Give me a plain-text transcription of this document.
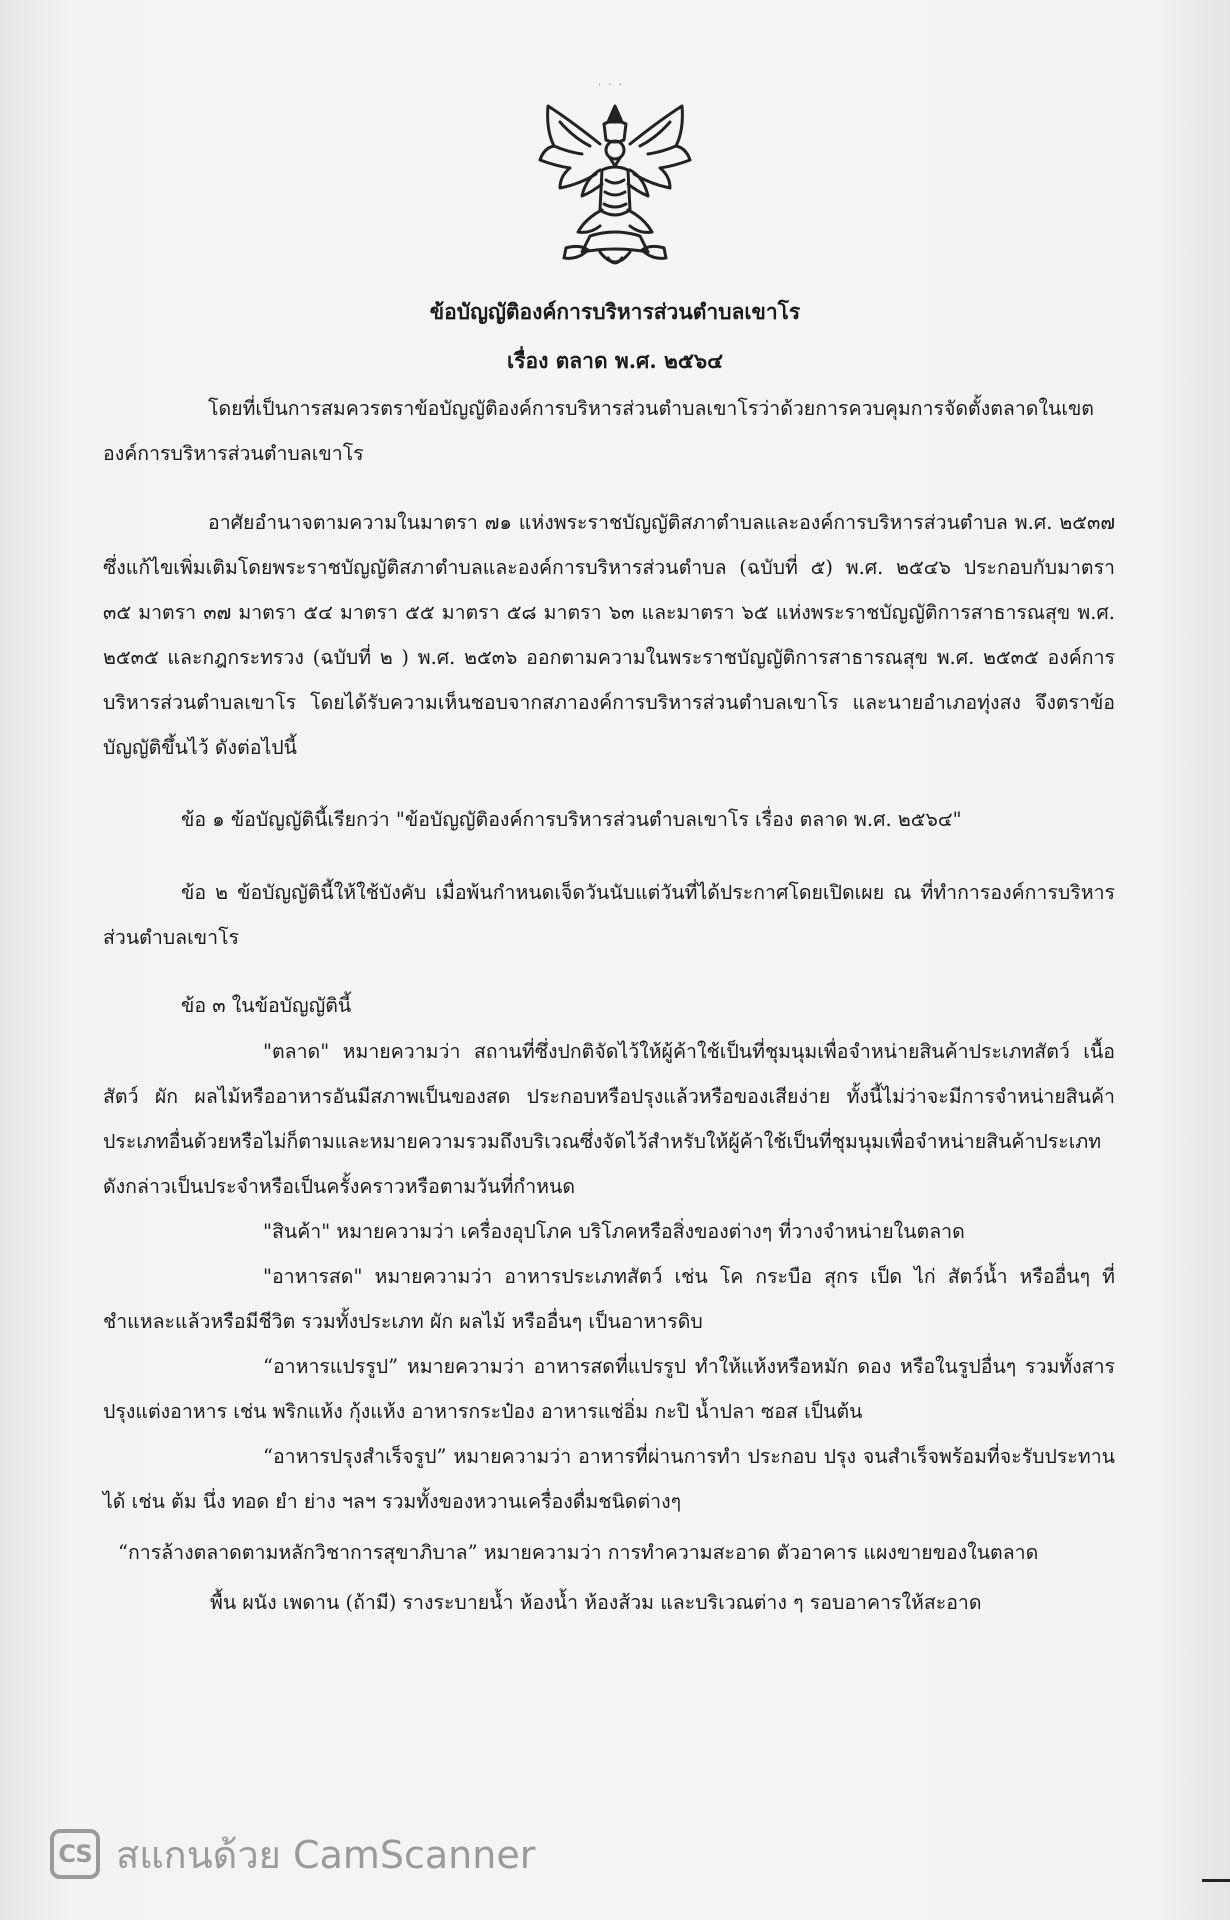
· · ·
ข้อบัญญัติองค์การบริหารส่วนตำบลเขาโร
เรื่อง ตลาด พ.ศ. ๒๕๖๔

โดยที่เป็นการสมควรตราข้อบัญญัติองค์การบริหารส่วนตำบลเขาโรว่าด้วยการควบคุมการจัดตั้งตลาดในเขตองค์การบริหารส่วนตำบลเขาโร

อาศัยอำนาจตามความในมาตรา ๗๑ แห่งพระราชบัญญัติสภาตำบลและองค์การบริหารส่วนตำบล พ.ศ. ๒๕๓๗ ซึ่งแก้ไขเพิ่มเติมโดยพระราชบัญญัติสภาตำบลและองค์การบริหารส่วนตำบล (ฉบับที่ ๕) พ.ศ. ๒๕๔๖ ประกอบกับมาตรา ๓๕ มาตรา ๓๗ มาตรา ๕๔ มาตรา ๕๕ มาตรา ๕๘ มาตรา ๖๓ และมาตรา ๖๕ แห่งพระราชบัญญัติการสาธารณสุข พ.ศ. ๒๕๓๕ และกฎกระทรวง (ฉบับที่ ๒ ) พ.ศ. ๒๕๓๖ ออกตามความในพระราชบัญญัติการสาธารณสุข พ.ศ. ๒๕๓๕ องค์การบริหารส่วนตำบลเขาโร โดยได้รับความเห็นชอบจากสภาองค์การบริหารส่วนตำบลเขาโร และนายอำเภอทุ่งสง จึงตราข้อบัญญัติขึ้นไว้ ดังต่อไปนี้

ข้อ ๑ ข้อบัญญัตินี้เรียกว่า "ข้อบัญญัติองค์การบริหารส่วนตำบลเขาโร เรื่อง ตลาด พ.ศ. ๒๕๖๔"

ข้อ ๒ ข้อบัญญัตินี้ให้ใช้บังคับ เมื่อพ้นกำหนดเจ็ดวันนับแต่วันที่ได้ประกาศโดยเปิดเผย ณ ที่ทำการองค์การบริหารส่วนตำบลเขาโร

ข้อ ๓ ในข้อบัญญัตินี้

"ตลาด" หมายความว่า สถานที่ซึ่งปกติจัดไว้ให้ผู้ค้าใช้เป็นที่ชุมนุมเพื่อจำหน่ายสินค้าประเภทสัตว์ เนื้อสัตว์ ผัก ผลไม้หรืออาหารอันมีสภาพเป็นของสด ประกอบหรือปรุงแล้วหรือของเสียง่าย ทั้งนี้ไม่ว่าจะมีการจำหน่ายสินค้าประเภทอื่นด้วยหรือไม่ก็ตามและหมายความรวมถึงบริเวณซึ่งจัดไว้สำหรับให้ผู้ค้าใช้เป็นที่ชุมนุมเพื่อจำหน่ายสินค้าประเภทดังกล่าวเป็นประจำหรือเป็นครั้งคราวหรือตามวันที่กำหนด

"สินค้า" หมายความว่า เครื่องอุปโภค บริโภคหรือสิ่งของต่างๆ ที่วางจำหน่ายในตลาด

"อาหารสด" หมายความว่า อาหารประเภทสัตว์ เช่น โค กระบือ สุกร เป็ด ไก่ สัตว์น้ำ หรืออื่นๆ ที่ชำแหละแล้วหรือมีชีวิต รวมทั้งประเภท ผัก ผลไม้ หรืออื่นๆ เป็นอาหารดิบ

“อาหารแปรรูป” หมายความว่า อาหารสดที่แปรรูป ทำให้แห้งหรือหมัก ดอง หรือในรูปอื่นๆ รวมทั้งสารปรุงแต่งอาหาร เช่น พริกแห้ง กุ้งแห้ง อาหารกระป๋อง อาหารแช่อิ่ม กะปิ น้ำปลา ซอส เป็นต้น

“อาหารปรุงสำเร็จรูป” หมายความว่า อาหารที่ผ่านการทำ ประกอบ ปรุง จนสำเร็จพร้อมที่จะรับประทานได้ เช่น ต้ม นึ่ง ทอด ยำ ย่าง ฯลฯ รวมทั้งของหวานเครื่องดื่มชนิดต่างๆ

“การล้างตลาดตามหลักวิชาการสุขาภิบาล” หมายความว่า การทำความสะอาด ตัวอาคาร แผงขายของในตลาด
พื้น ผนัง เพดาน (ถ้ามี) รางระบายน้ำ ห้องน้ำ ห้องส้วม และบริเวณต่าง ๆ รอบอาคารให้สะอาด
CS สแกนด้วย CamScanner
